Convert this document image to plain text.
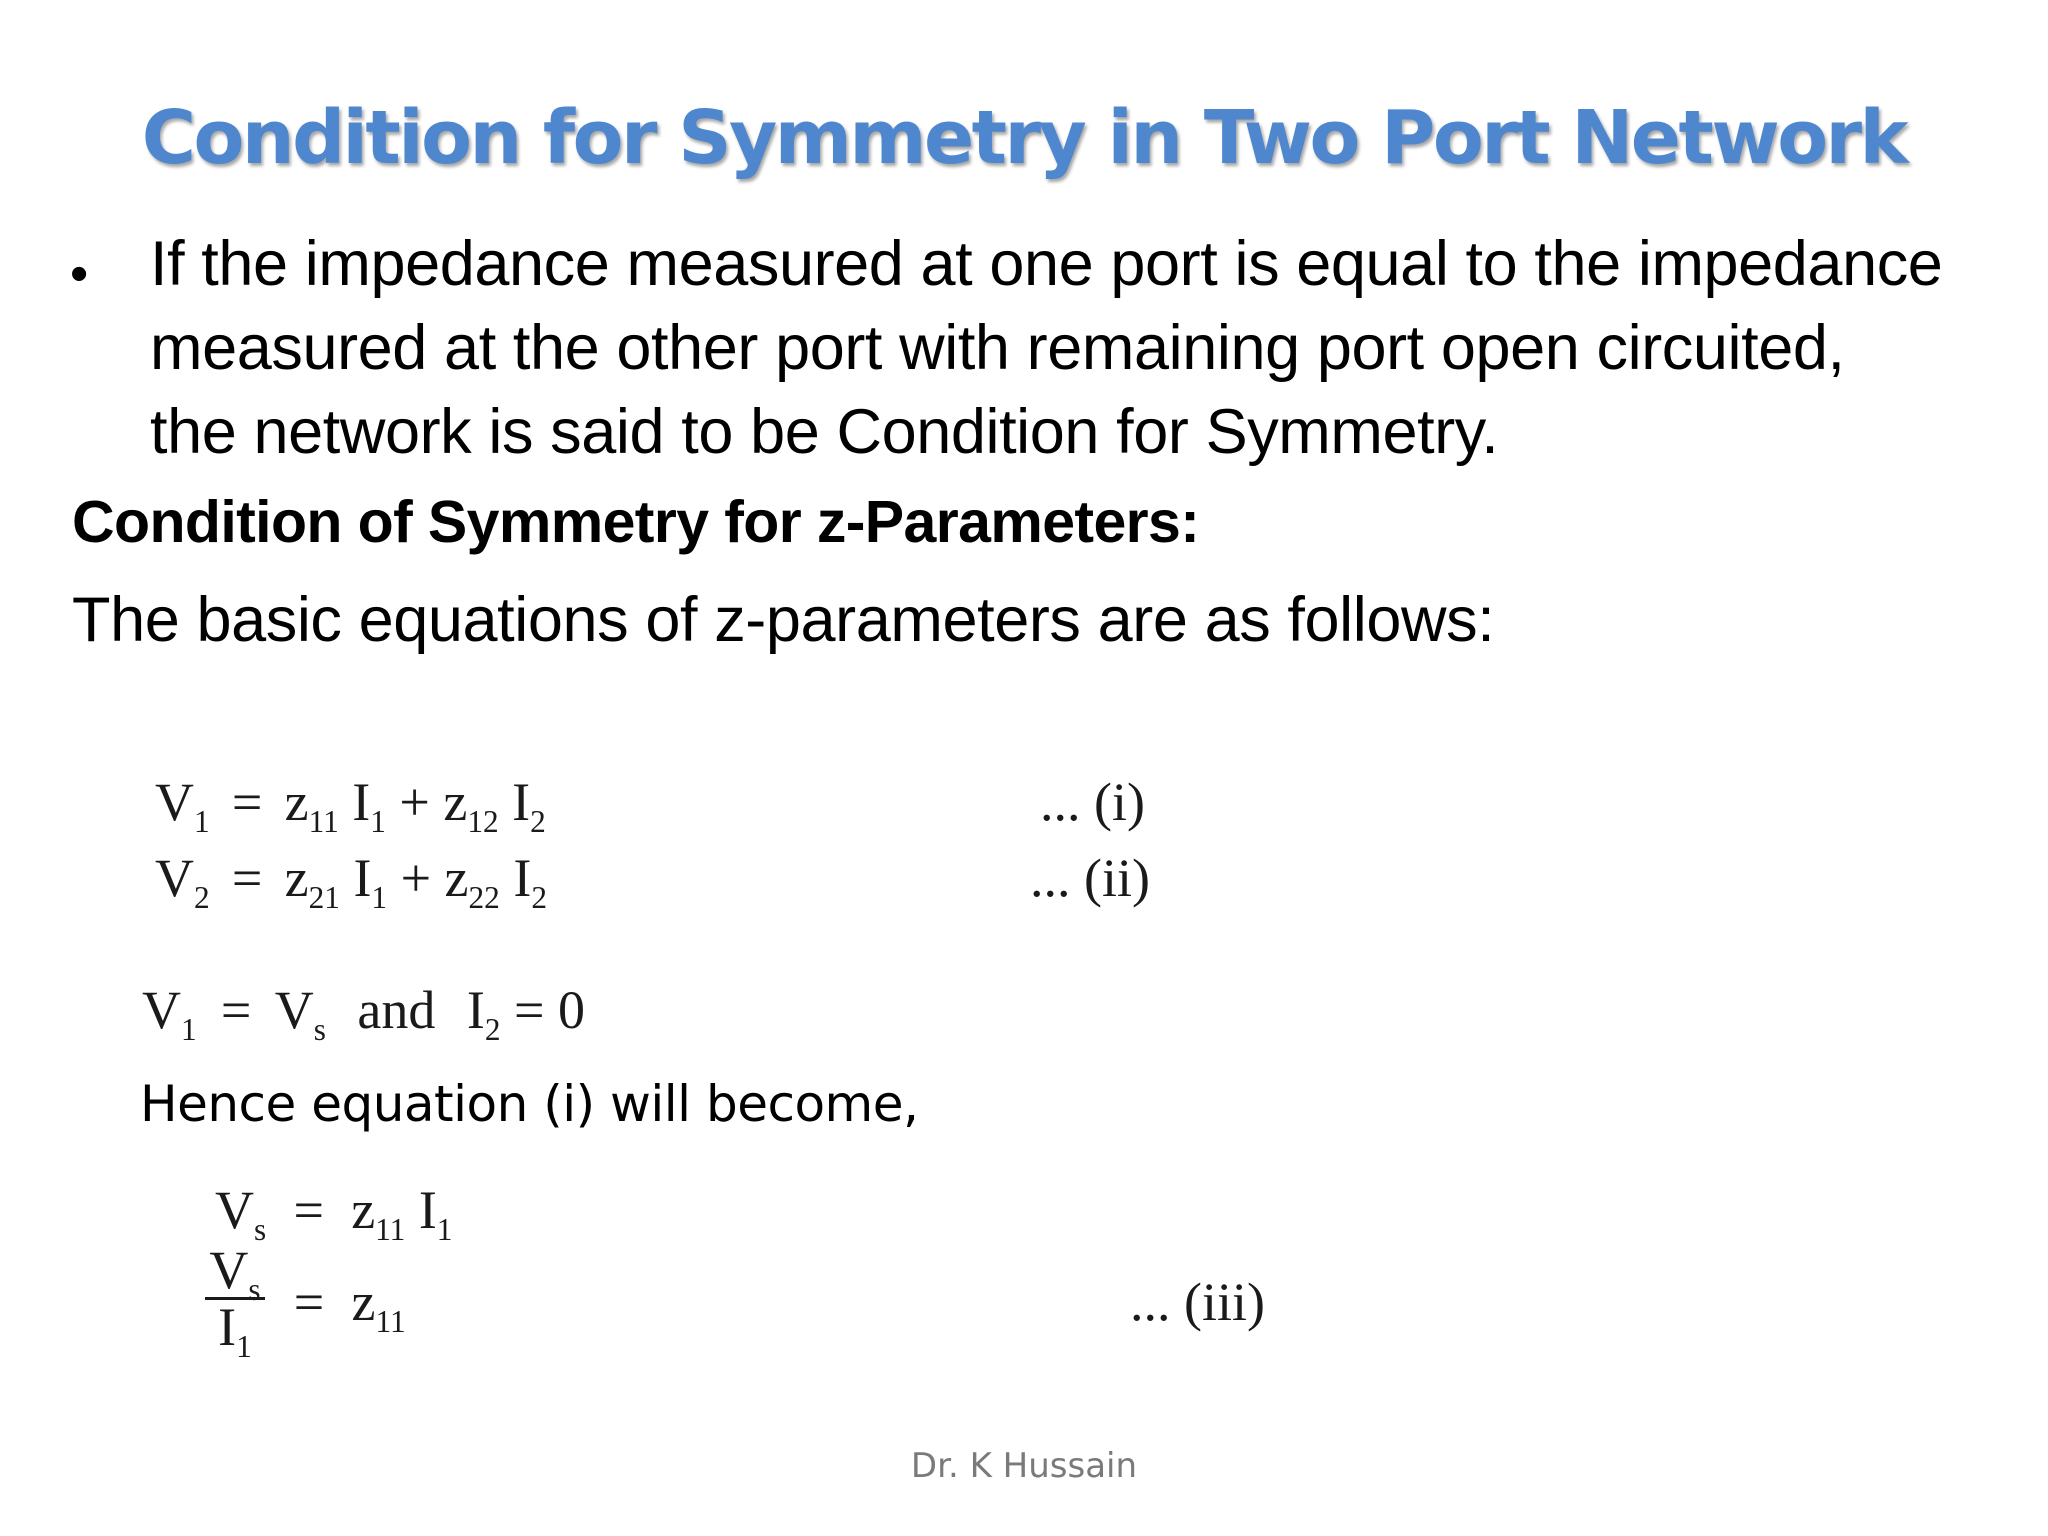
Condition for Symmetry in Two Port Network
• If the impedance measured at one port is equal to the impedance
measured at the other port with remaining port open circuited,
the network is said to be Condition for Symmetry.
Condition of Symmetry for z-Parameters:
The basic equations of z-parameters are as follows:
$V_1 = z_{11}$ $I_1 + z_{12}$ $I_2$	... (i)
$V_2 = z_{21}$ $I_1 + z_{22}$ $I_2$	... (ii)
$V_1 = V_s$ and $I_2 = 0$
Hence equation (i) will become,
$V_s = z_{11}$ $I_1$
$V_s$
$I_1$
= $z_{11}$	... (iii)
Dr. K Hussain
